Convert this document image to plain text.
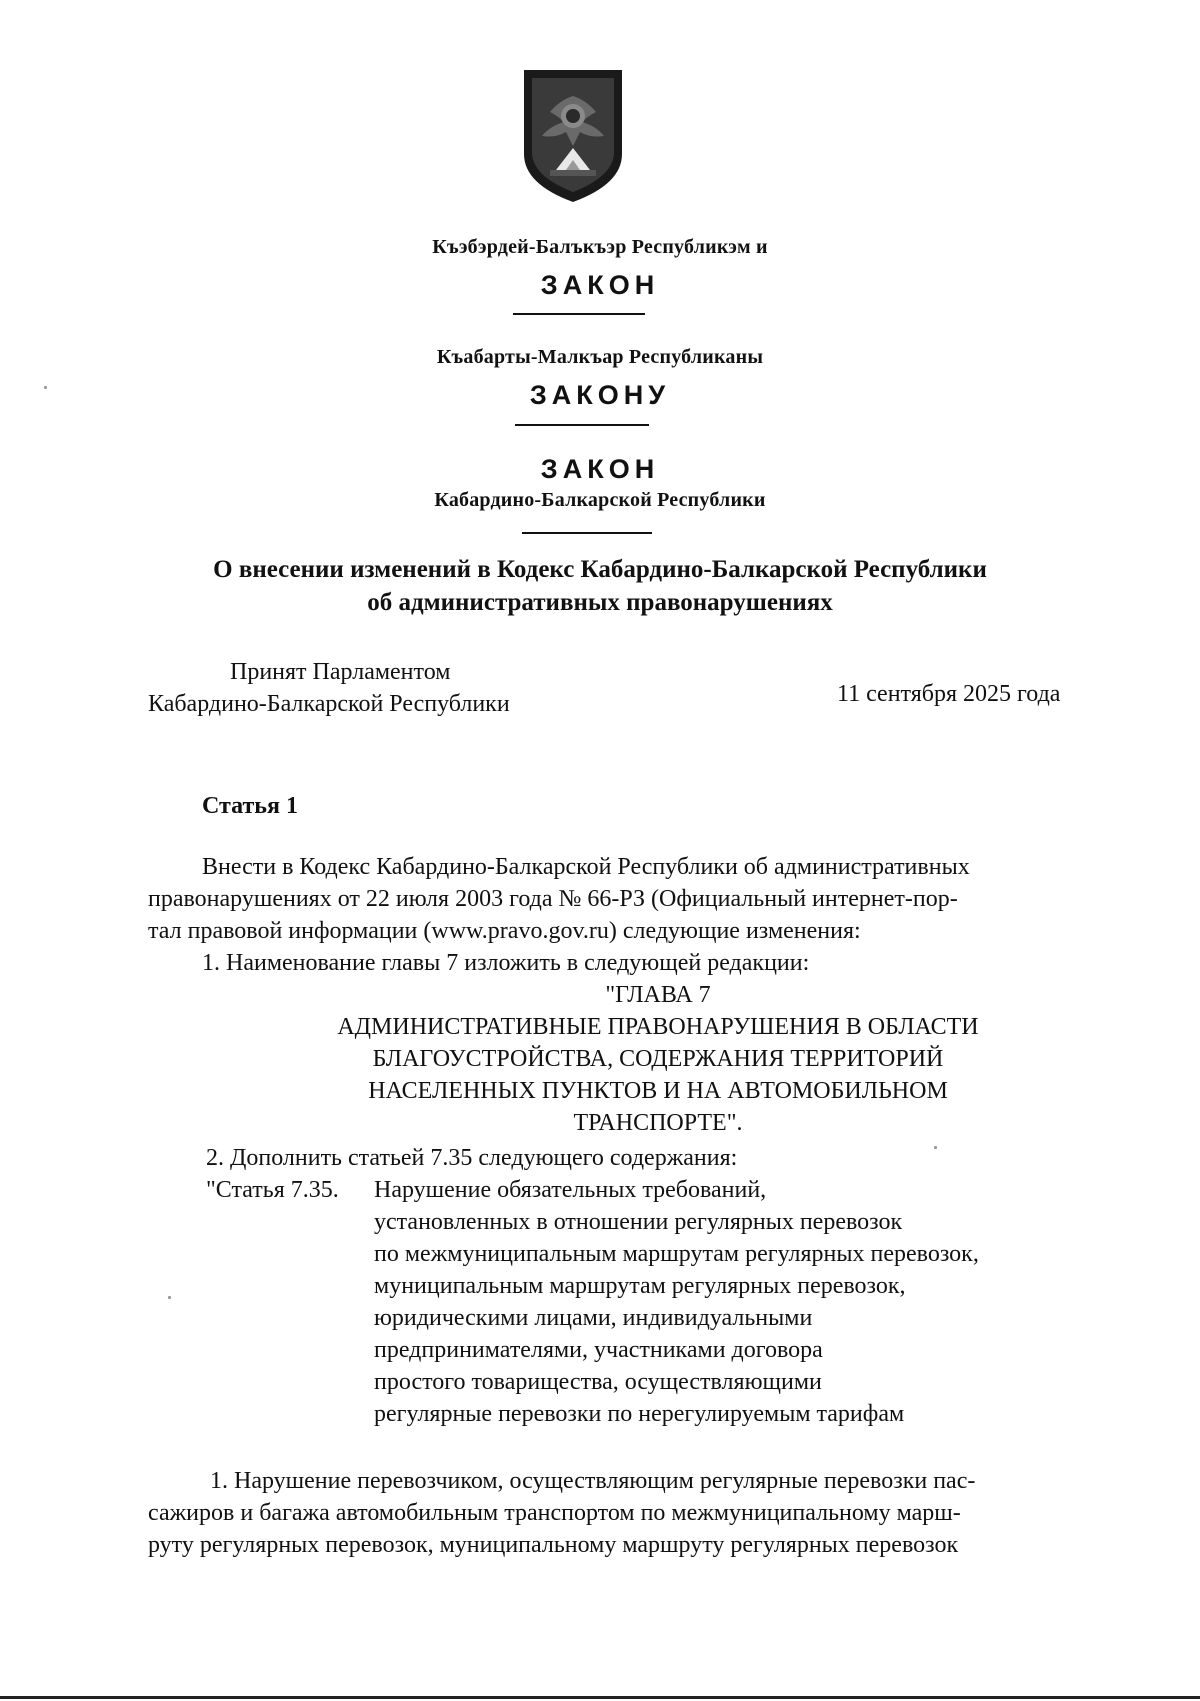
Къэбэрдей-Балъкъэр Республикэм и
ЗАКОН
Къабарты-Малкъар Республиканы
ЗАКОНУ
ЗАКОН
Кабардино-Балкарской Республики
О внесении изменений в Кодекс Кабардино-Балкарской Республики
об административных правонарушениях
Принят Парламентом
Кабардино-Балкарской Республики	11 сентября 2025 года
Статья 1
Внести в Кодекс Кабардино-Балкарской Республики об административных
правонарушениях от 22 июля 2003 года № 66-РЗ (Официальный интернет-пор-
тал правовой информации (www.pravo.gov.ru) следующие изменения:
1. Наименование главы 7 изложить в следующей редакции:
"ГЛАВА 7
АДМИНИСТРАТИВНЫЕ ПРАВОНАРУШЕНИЯ В ОБЛАСТИ
БЛАГОУСТРОЙСТВА, СОДЕРЖАНИЯ ТЕРРИТОРИЙ
НАСЕЛЕННЫХ ПУНКТОВ И НА АВТОМОБИЛЬНОМ
ТРАНСПОРТЕ".
2. Дополнить статьей 7.35 следующего содержания:
"Статья 7.35. Нарушение обязательных требований,
установленных в отношении регулярных перевозок
по межмуниципальным маршрутам регулярных перевозок,
муниципальным маршрутам регулярных перевозок,
юридическими лицами, индивидуальными
предпринимателями, участниками договора
простого товарищества, осуществляющими
регулярные перевозки по нерегулируемым тарифам
1. Нарушение перевозчиком, осуществляющим регулярные перевозки пас-
сажиров и багажа автомобильным транспортом по межмуниципальному марш-
руту регулярных перевозок, муниципальному маршруту регулярных перевозок
